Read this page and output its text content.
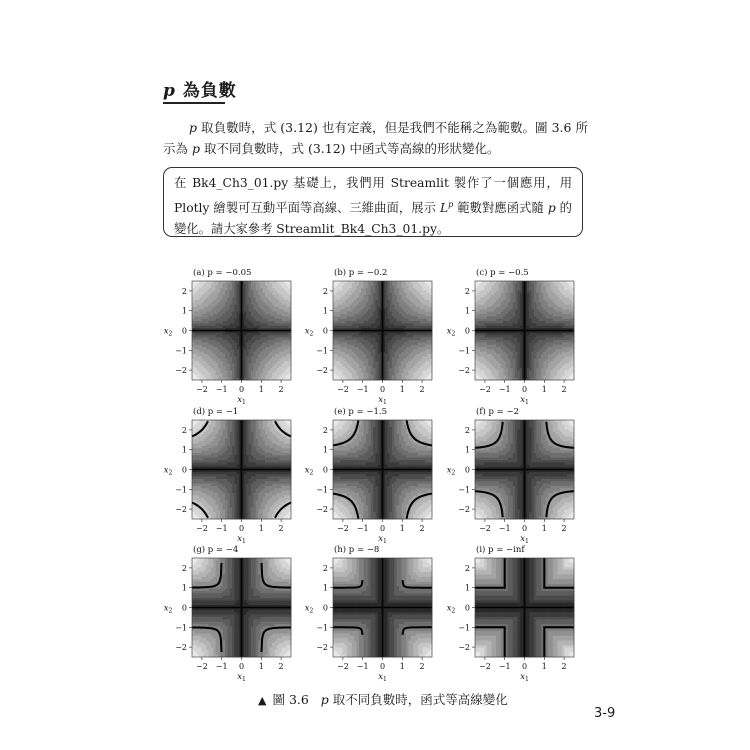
p 為負數
p 取負數時，式 (3.12) 也有定義，但是我們不能稱之為範數。圖 3.6 所示為 p 取不同負數時，式 (3.12) 中函式等高線的形狀變化。
在 Bk4_Ch3_01.py 基礎上，我們用 Streamlit 製作了一個應用，用 Plotly 繪製可互動平面等高線、三維曲面，展示 $L^p$ 範數對應函式隨 p 的變化。請大家參考 Streamlit_Bk4_Ch3_01.py。
(a) p = −0.05
−2
−2
−1
−1
0
0
1
1
2
2
$x_1$
$x_2$
(b) p = −0.2
−2
−2
−1
−1
0
0
1
1
2
2
$x_1$
$x_2$
(c) p = −0.5
−2
−2
−1
−1
0
0
1
1
2
2
$x_1$
$x_2$
(d) p = −1
−2
−2
−1
−1
0
0
1
1
2
2
$x_1$
$x_2$
(e) p = −1.5
−2
−2
−1
−1
0
0
1
1
2
2
$x_1$
$x_2$
(f) p = −2
−2
−2
−1
−1
0
0
1
1
2
2
$x_1$
$x_2$
(g) p = −4
−2
−2
−1
−1
0
0
1
1
2
2
$x_1$
$x_2$
(h) p = −8
−2
−2
−1
−1
0
0
1
1
2
2
$x_1$
$x_2$
(i) p = −inf
−2
−2
−1
−1
0
0
1
1
2
2
$x_1$
$x_2$
▲ 圖 3.6 p 取不同負數時，函式等高線變化
3-9
